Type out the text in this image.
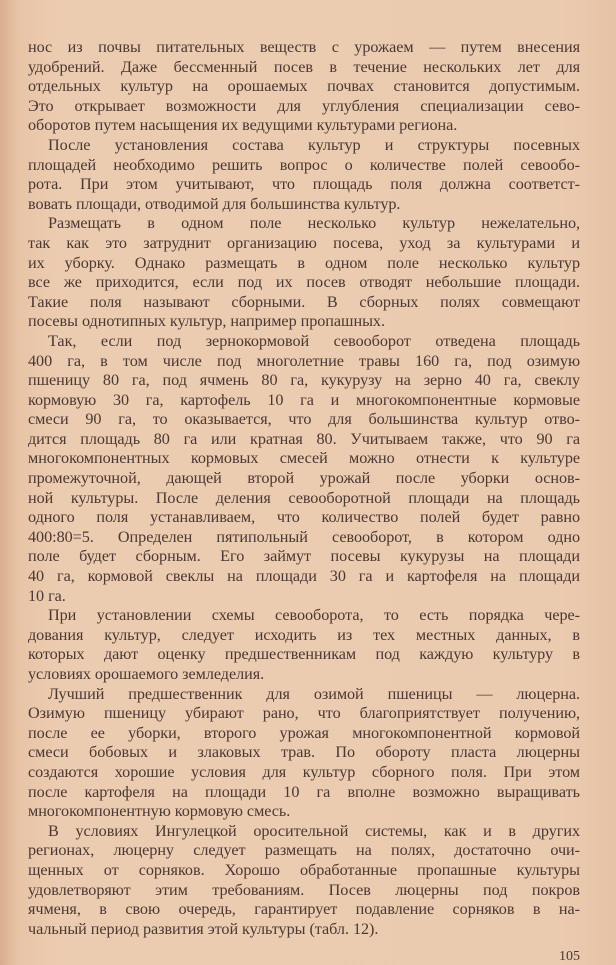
нос из почвы питательных веществ с урожаем — путем внесения
удобрений. Даже бессменный посев в течение нескольких лет для
отдельных культур на орошаемых почвах становится допустимым.
Это открывает возможности для углубления специализации сево-
оборотов путем насыщения их ведущими культурами региона.
После установления состава культур и структуры посевных
площадей необходимо решить вопрос о количестве полей севообо-
рота. При этом учитывают, что площадь поля должна соответст-
вовать площади, отводимой для большинства культур.
Размещать в одном поле несколько культур нежелательно,
так как это затруднит организацию посева, уход за культурами и
их уборку. Однако размещать в одном поле несколько культур
все же приходится, если под их посев отводят небольшие площади.
Такие поля называют сборными. В сборных полях совмещают
посевы однотипных культур, например пропашных.
Так, если под зернокормовой севооборот отведена площадь
400 га, в том числе под многолетние травы 160 га, под озимую
пшеницу 80 га, под ячмень 80 га, кукурузу на зерно 40 га, свеклу
кормовую 30 га, картофель 10 га и многокомпонентные кормовые
смеси 90 га, то оказывается, что для большинства культур отво-
дится площадь 80 га или кратная 80. Учитываем также, что 90 га
многокомпонентных кормовых смесей можно отнести к культуре
промежуточной, дающей второй урожай после уборки основ-
ной культуры. После деления севооборотной площади на площадь
одного поля устанавливаем, что количество полей будет равно
400:80=5. Определен пятипольный севооборот, в котором одно
поле будет сборным. Его займут посевы кукурузы на площади
40 га, кормовой свеклы на площади 30 га и картофеля на площади
10 га.
При установлении схемы севооборота, то есть порядка чере-
дования культур, следует исходить из тех местных данных, в
которых дают оценку предшественникам под каждую культуру в
условиях орошаемого земледелия.
Лучший предшественник для озимой пшеницы — люцерна.
Озимую пшеницу убирают рано, что благоприятствует получению,
после ее уборки, второго урожая многокомпонентной кормовой
смеси бобовых и злаковых трав. По обороту пласта люцерны
создаются хорошие условия для культур сборного поля. При этом
после картофеля на площади 10 га вполне возможно выращивать
многокомпонентную кормовую смесь.
В условиях Ингулецкой оросительной системы, как и в других
регионах, люцерну следует размещать на полях, достаточно очи-
щенных от сорняков. Хорошо обработанные пропашные культуры
удовлетворяют этим требованиям. Посев люцерны под покров
ячменя, в свою очередь, гарантирует подавление сорняков в на-
чальный период развития этой культуры (табл. 12).
105
